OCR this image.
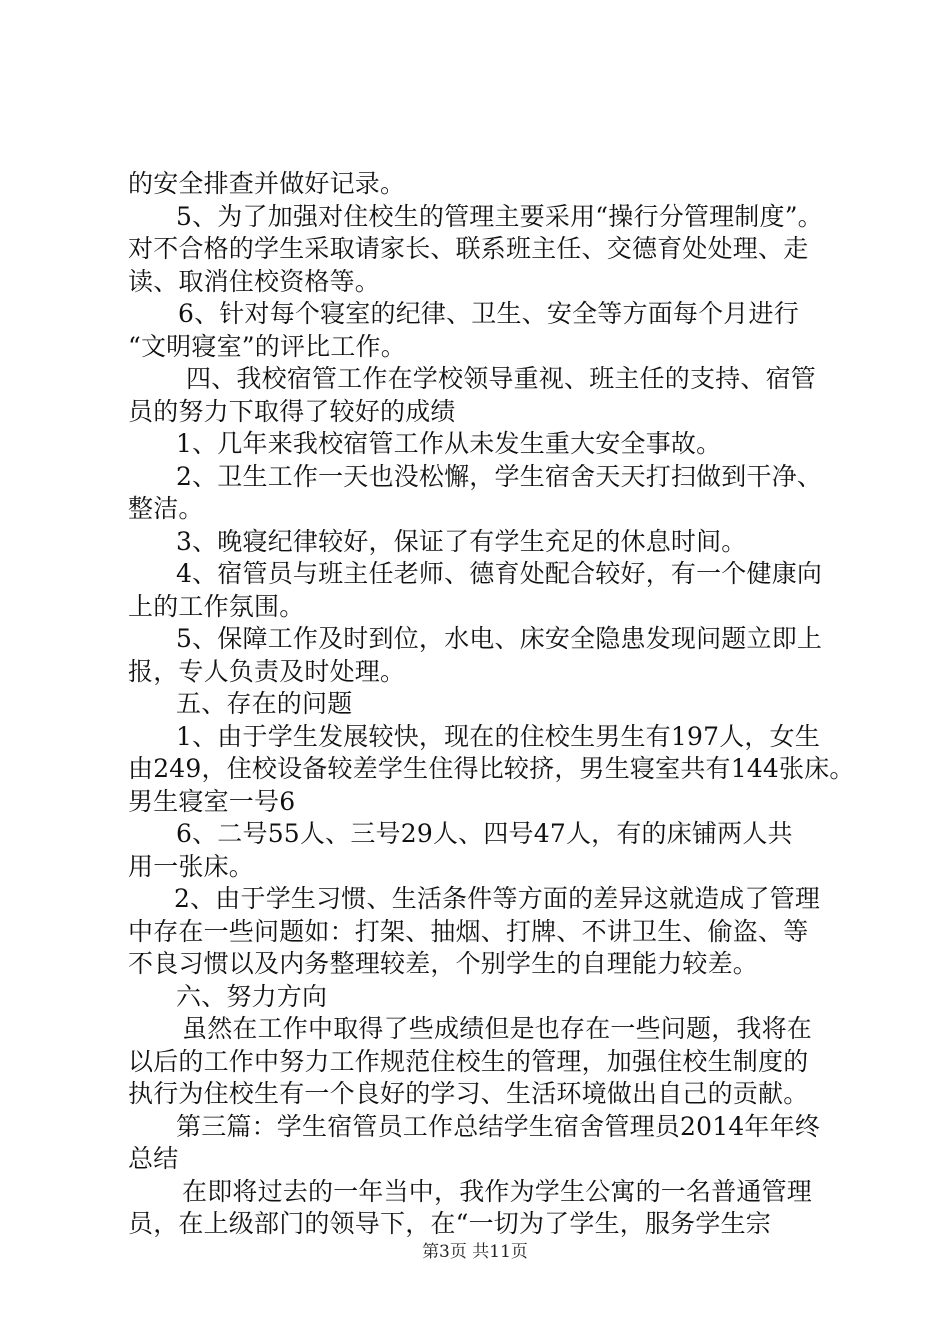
的安全排查并做好记录。
5、为了加强对住校生的管理主要采用“操行分管理制度”。
对不合格的学生采取请家长、联系班主任、交德育处处理、走
读、取消住校资格等。
6、针对每个寝室的纪律、卫生、安全等方面每个月进行
“文明寝室”的评比工作。
四、我校宿管工作在学校领导重视、班主任的支持、宿管
员的努力下取得了较好的成绩
1、几年来我校宿管工作从未发生重大安全事故。
2、卫生工作一天也没松懈，学生宿舍天天打扫做到干净、
整洁。
3、晚寝纪律较好，保证了有学生充足的休息时间。
4、宿管员与班主任老师、德育处配合较好，有一个健康向
上的工作氛围。
5、保障工作及时到位，水电、床安全隐患发现问题立即上
报，专人负责及时处理。
五、存在的问题
1、由于学生发展较快，现在的住校生男生有197人，女生
由249，住校设备较差学生住得比较挤，男生寝室共有144张床。
男生寝室一号6
6、二号55人、三号29人、四号47人，有的床铺两人共
用一张床。
2、由于学生习惯、生活条件等方面的差异这就造成了管理
中存在一些问题如：打架、抽烟、打牌、不讲卫生、偷盗、等
不良习惯以及内务整理较差，个别学生的自理能力较差。
六、努力方向
虽然在工作中取得了些成绩但是也存在一些问题，我将在
以后的工作中努力工作规范住校生的管理，加强住校生制度的
执行为住校生有一个良好的学习、生活环境做出自己的贡献。
第三篇：学生宿管员工作总结学生宿舍管理员2014年年终
总结
在即将过去的一年当中，我作为学生公寓的一名普通管理
员，在上级部门的领导下，在“一切为了学生，服务学生宗
第3页 共11页
